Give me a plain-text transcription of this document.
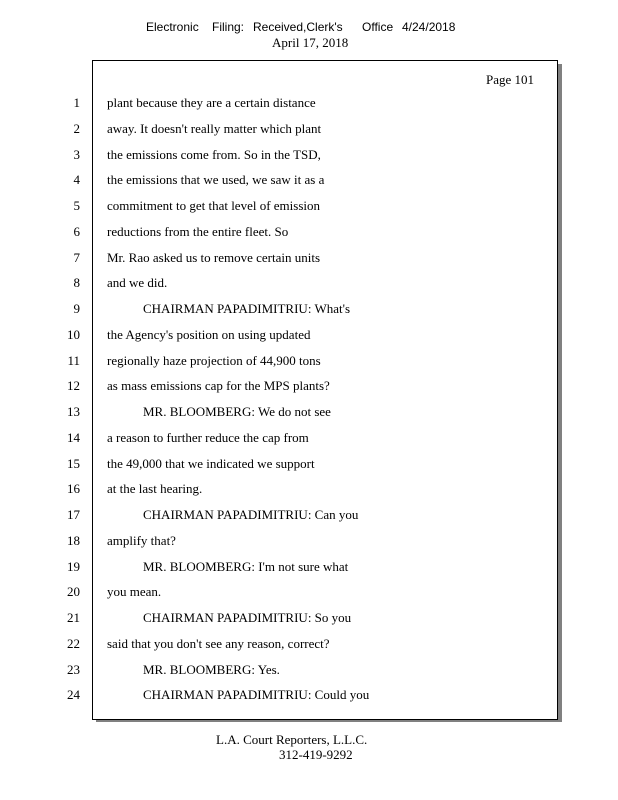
Electronic Filing: Received,Clerk's Office 4/24/2018
April 17, 2018
Page 101
1 plant because they are a certain distance
2 away. It doesn't really matter which plant
3 the emissions come from. So in the TSD,
4 the emissions that we used, we saw it as a
5 commitment to get that level of emission
6 reductions from the entire fleet. So
7 Mr. Rao asked us to remove certain units
8 and we did.
9	CHAIRMAN PAPADIMITRIU: What's
10 the Agency's position on using updated
11 regionally haze projection of 44,900 tons
12 as mass emissions cap for the MPS plants?
13	MR. BLOOMBERG: We do not see
14 a reason to further reduce the cap from
15 the 49,000 that we indicated we support
16 at the last hearing.
17	CHAIRMAN PAPADIMITRIU: Can you
18 amplify that?
19	MR. BLOOMBERG: I'm not sure what
20 you mean.
21	CHAIRMAN PAPADIMITRIU: So you
22 said that you don't see any reason, correct?
23	MR. BLOOMBERG: Yes.
24	CHAIRMAN PAPADIMITRIU: Could you
L.A. Court Reporters, L.L.C.
312-419-9292
